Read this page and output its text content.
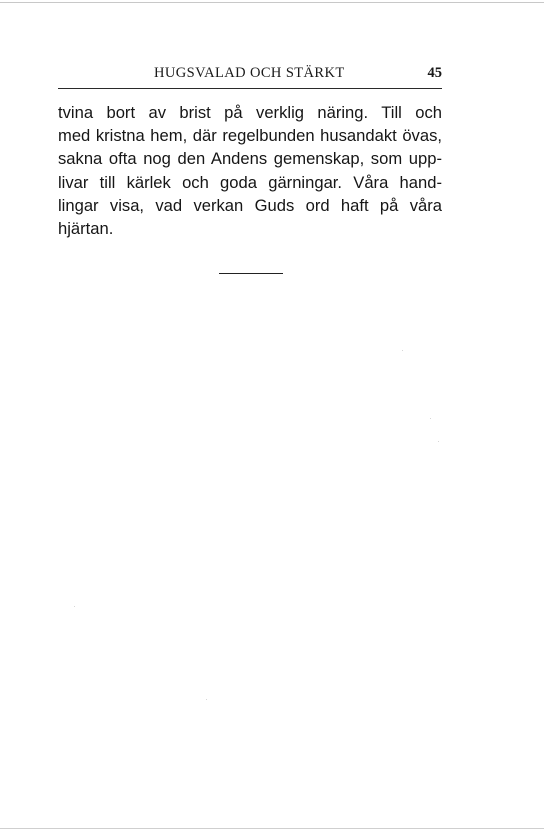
HUGSVALAD OCH STÄRKT	45

tvina bort av brist på verklig näring. Till och
med kristna hem, där regelbunden husandakt övas,
sakna ofta nog den Andens gemenskap, som upp-
livar till kärlek och goda gärningar. Våra hand-
lingar visa, vad verkan Guds ord haft på våra
hjärtan.
